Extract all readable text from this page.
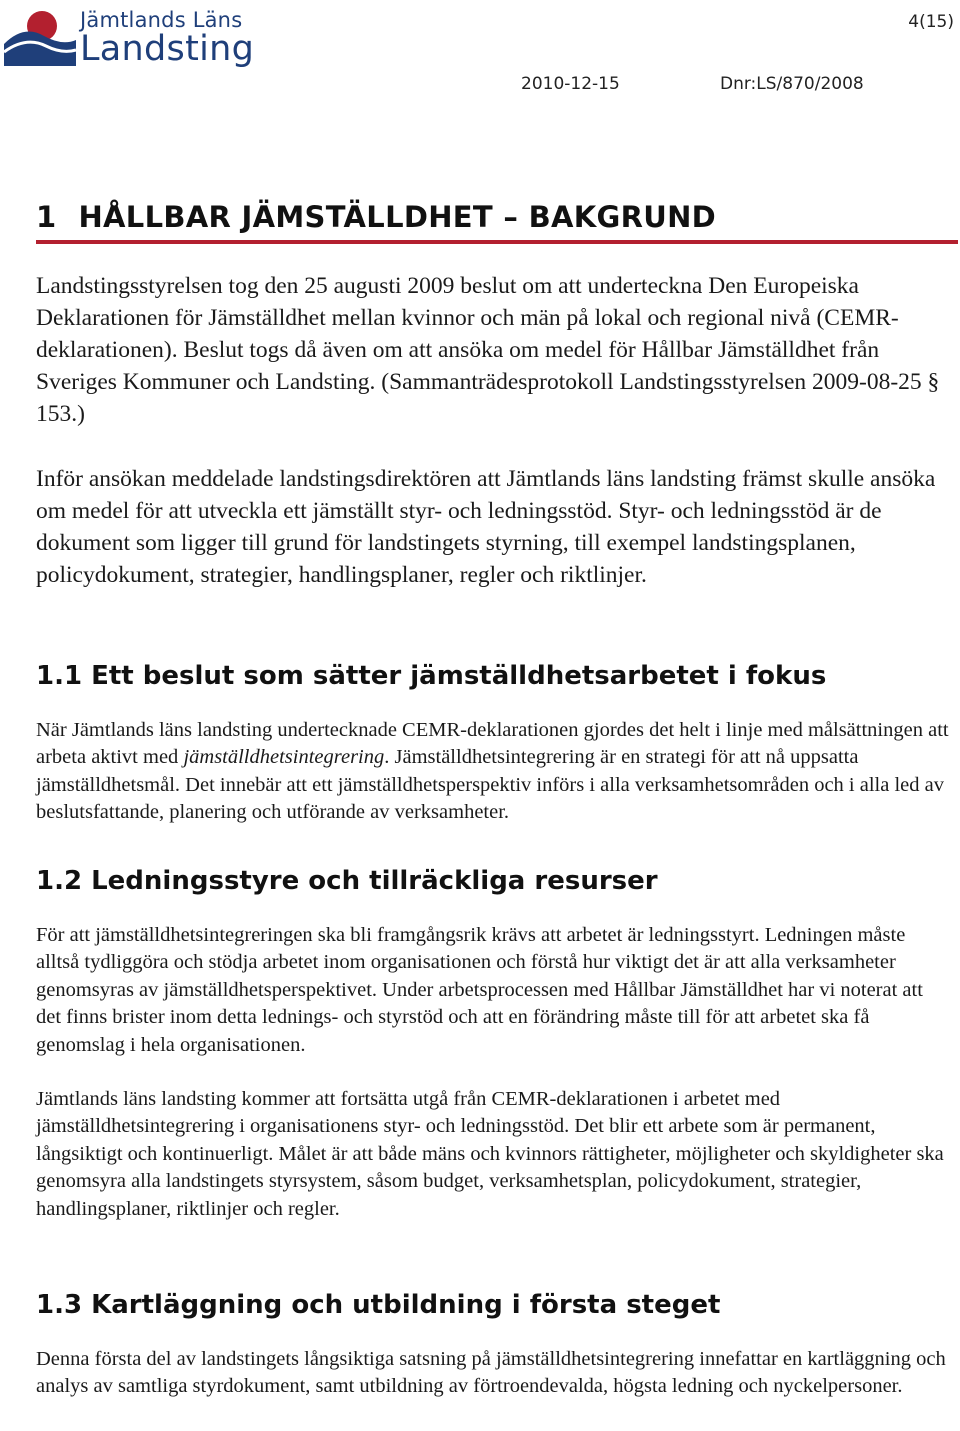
Jämtlands Läns
Landsting
4(15)
2010-12-15	Dnr:LS/870/2008
1 HÅLLBAR JÄMSTÄLLDHET – BAKGRUND

Landstingsstyrelsen tog den 25 augusti 2009 beslut om att underteckna Den Europeiska Deklarationen för Jämställdhet mellan kvinnor och män på lokal och regional nivå (CEMR-deklarationen). Beslut togs då även om att ansöka om medel för Hållbar Jämställdhet från Sveriges Kommuner och Landsting. (Sammanträdesprotokoll Landstingsstyrelsen 2009-08-25 § 153.)

Inför ansökan meddelade landstingsdirektören att Jämtlands läns landsting främst skulle ansöka om medel för att utveckla ett jämställt styr- och ledningsstöd. Styr- och ledningsstöd är de dokument som ligger till grund för landstingets styrning, till exempel landstingsplanen, policydokument, strategier, handlingsplaner, regler och riktlinjer.

1.1 Ett beslut som sätter jämställdhetsarbetet i fokus

När Jämtlands läns landsting undertecknade CEMR-deklarationen gjordes det helt i linje med målsättningen att arbeta aktivt med jämställdhetsintegrering. Jämställdhetsintegrering är en strategi för att nå uppsatta jämställdhetsmål. Det innebär att ett jämställdhetsperspektiv införs i alla verksamhetsområden och i alla led av beslutsfattande, planering och utförande av verksamheter.

1.2 Ledningsstyre och tillräckliga resurser

För att jämställdhetsintegreringen ska bli framgångsrik krävs att arbetet är ledningsstyrt. Ledningen måste alltså tydliggöra och stödja arbetet inom organisationen och förstå hur viktigt det är att alla verksamheter genomsyras av jämställdhetsperspektivet. Under arbetsprocessen med Hållbar Jämställdhet har vi noterat att det finns brister inom detta lednings- och styrstöd och att en förändring måste till för att arbetet ska få genomslag i hela organisationen.

Jämtlands läns landsting kommer att fortsätta utgå från CEMR-deklarationen i arbetet med jämställdhetsintegrering i organisationens styr- och ledningsstöd. Det blir ett arbete som är permanent, långsiktigt och kontinuerligt. Målet är att både mäns och kvinnors rättigheter, möjligheter och skyldigheter ska genomsyra alla landstingets styrsystem, såsom budget, verksamhetsplan, policydokument, strategier, handlingsplaner, riktlinjer och regler.

1.3 Kartläggning och utbildning i första steget

Denna första del av landstingets långsiktiga satsning på jämställdhetsintegrering innefattar en kartläggning och analys av samtliga styrdokument, samt utbildning av förtroendevalda, högsta ledning och nyckelpersoner.
